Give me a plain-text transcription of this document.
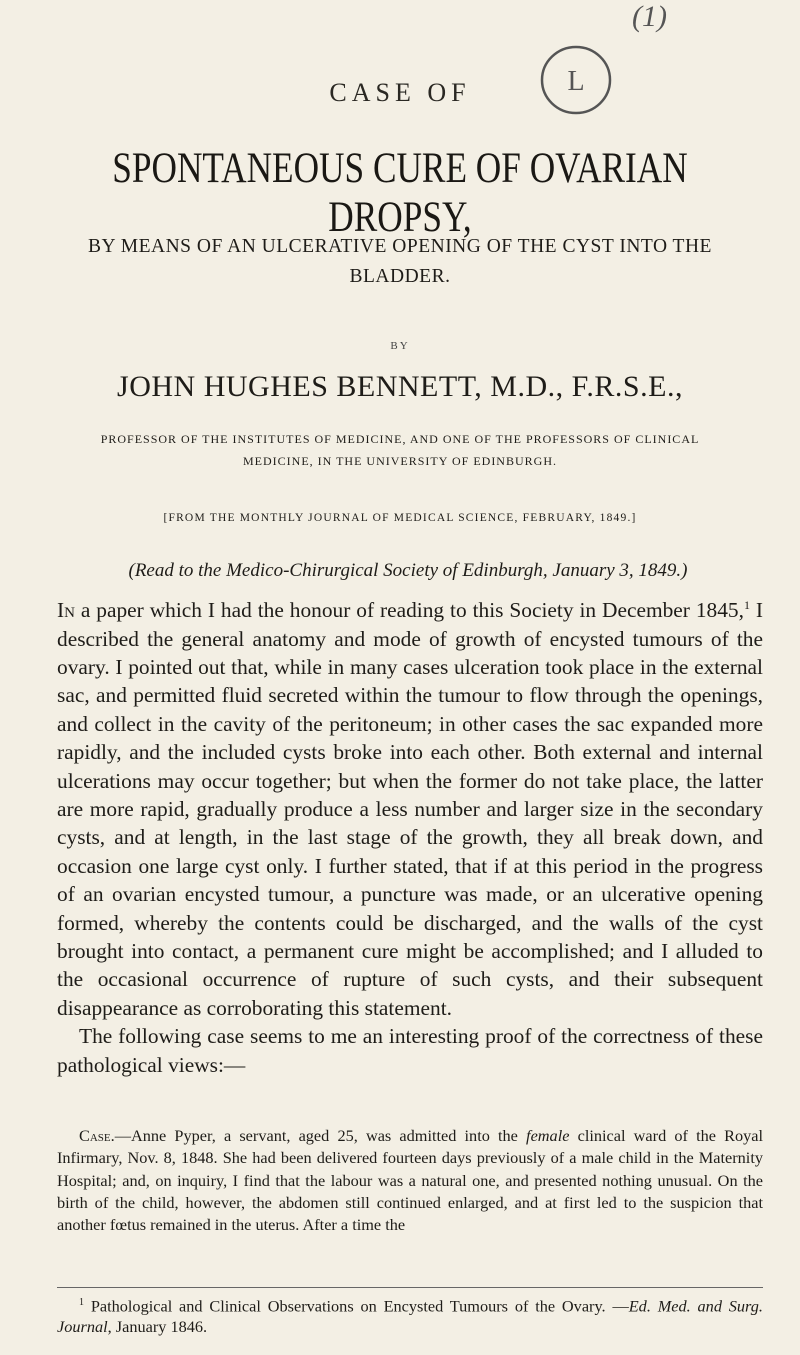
(1)
L
CASE OF
SPONTANEOUS CURE OF OVARIAN DROPSY,
BY MEANS OF AN ULCERATIVE OPENING OF THE CYST INTO THE BLADDER.
BY
JOHN HUGHES BENNETT, M.D., F.R.S.E.,
PROFESSOR OF THE INSTITUTES OF MEDICINE, AND ONE OF THE PROFESSORS OF CLINICAL MEDICINE, IN THE UNIVERSITY OF EDINBURGH.
[FROM THE MONTHLY JOURNAL OF MEDICAL SCIENCE, FEBRUARY, 1849.]
(Read to the Medico-Chirurgical Society of Edinburgh, January 3, 1849.)

In a paper which I had the honour of reading to this Society in December 1845,$^1$ I described the general anatomy and mode of growth of encysted tumours of the ovary. I pointed out that, while in many cases ulceration took place in the external sac, and permitted fluid secreted within the tumour to flow through the openings, and collect in the cavity of the peritoneum; in other cases the sac expanded more rapidly, and the included cysts broke into each other. Both external and internal ulcerations may occur together; but when the former do not take place, the latter are more rapid, gradually produce a less number and larger size in the secondary cysts, and at length, in the last stage of the growth, they all break down, and occasion one large cyst only. I further stated, that if at this period in the progress of an ovarian encysted tumour, a puncture was made, or an ulcerative opening formed, whereby the contents could be discharged, and the walls of the cyst brought into contact, a permanent cure might be accomplished; and I alluded to the occasional occurrence of rupture of such cysts, and their subsequent disappearance as corroborating this statement.

The following case seems to me an interesting proof of the correctness of these pathological views:—

Case.—Anne Pyper, a servant, aged 25, was admitted into the female clinical ward of the Royal Infirmary, Nov. 8, 1848. She had been delivered fourteen days previously of a male child in the Maternity Hospital; and, on inquiry, I find that the labour was a natural one, and presented nothing unusual. On the birth of the child, however, the abdomen still continued enlarged, and at first led to the suspicion that another fœtus remained in the uterus. After a time the

$^1$ Pathological and Clinical Observations on Encysted Tumours of the Ovary. —Ed. Med. and Surg. Journal, January 1846.
